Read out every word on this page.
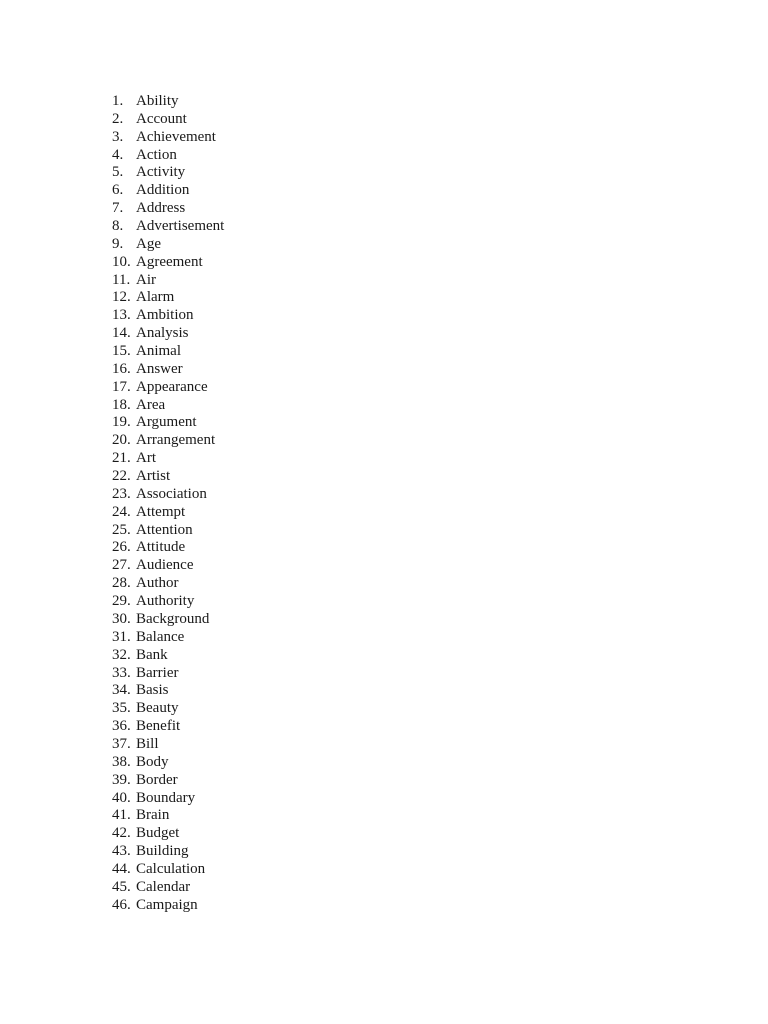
1. Ability
2. Account
3. Achievement
4. Action
5. Activity
6. Addition
7. Address
8. Advertisement
9. Age
10. Agreement
11. Air
12. Alarm
13. Ambition
14. Analysis
15. Animal
16. Answer
17. Appearance
18. Area
19. Argument
20. Arrangement
21. Art
22. Artist
23. Association
24. Attempt
25. Attention
26. Attitude
27. Audience
28. Author
29. Authority
30. Background
31. Balance
32. Bank
33. Barrier
34. Basis
35. Beauty
36. Benefit
37. Bill
38. Body
39. Border
40. Boundary
41. Brain
42. Budget
43. Building
44. Calculation
45. Calendar
46. Campaign
